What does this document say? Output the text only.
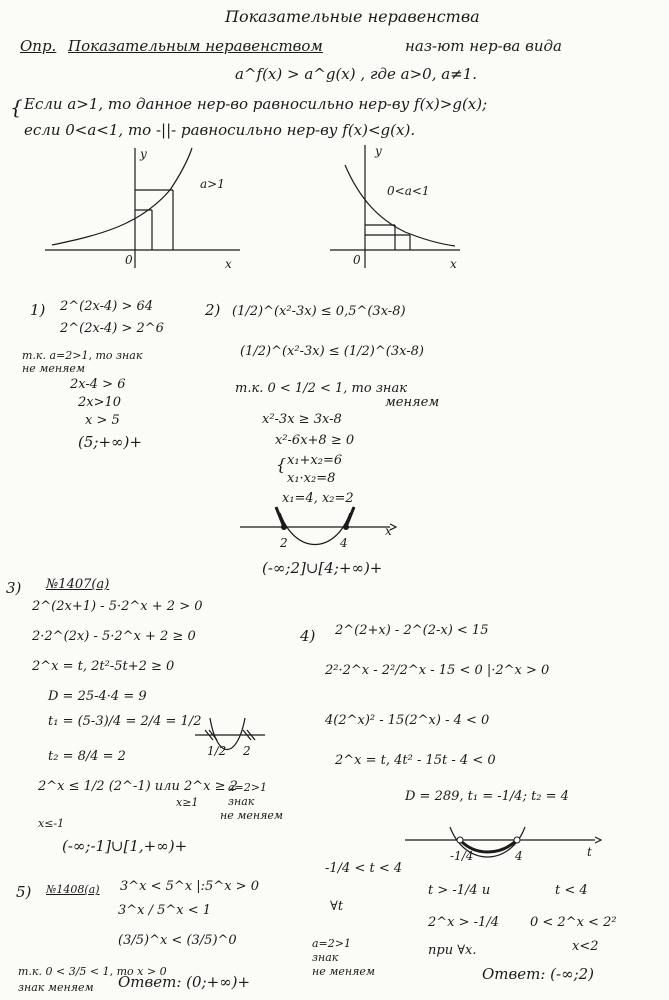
Показательные неравенства
Опр. Показательным неравенством	наз-ют нер-ва вида
a^f(x) > a^g(x) , где a>0, a≠1.
{ Если a>1, то данное нер-во равносильно нер-ву f(x)>g(x);
если 0<a<1, то -||- равносильно нер-ву f(x)<g(x).
y
x
0
a>1
y
x
0
0<a<1
1) 2^(2x-4) > 64
2^(2x-4) > 2^6
т.к. a=2>1, то знак
не меняем
2x-4 > 6
2x>10
x > 5
(5;+∞)+
2) (1/2)^(x²-3x) ≤ 0,5^(3x-8)
(1/2)^(x²-3x) ≤ (1/2)^(3x-8)
т.к. 0 < 1/2 < 1, то знак
меняем
x²-3x ≥ 3x-8
x²-6x+8 ≥ 0
{ x₁+x₂=6
x₁·x₂=8
x₁=4, x₂=2
2	4
x
(-∞;2]∪[4;+∞)+
3) №1407(а)
2^(2x+1) - 5·2^x + 2 > 0
2·2^(2x) - 5·2^x + 2 ≥ 0
2^x = t, 2t²-5t+2 ≥ 0
D = 25-4·4 = 9
t₁ = (5-3)/4 = 2/4 = 1/2
t₂ = 8/4 = 2	1/2 2
2^x ≤ 1/2 (2^-1) или 2^x ≥ 2
x≥1
a=2>1
знак
не меняем
x≤-1
(-∞;-1]∪[1,+∞)+
4) 2^(2+x) - 2^(2-x) < 15
2²·2^x - 2²/2^x - 15 < 0 |·2^x > 0
4(2^x)² - 15(2^x) - 4 < 0
2^x = t, 4t² - 15t - 4 < 0
D = 289, t₁ = -1/4; t₂ = 4
-1/4	4	t
-1/4 < t < 4
∀t
t > -1/4 и	t < 4
2^x > -1/4 0 < 2^x < 2²
при ∀x.	x<2
a=2>1
знак
не меняем	Ответ: (-∞;2)
5) №1408(а) 3^x < 5^x |:5^x > 0
3^x / 5^x < 1
(3/5)^x < (3/5)^0
т.к. 0 < 3/5 < 1, то x > 0
знак меняем Ответ: (0;+∞)+
